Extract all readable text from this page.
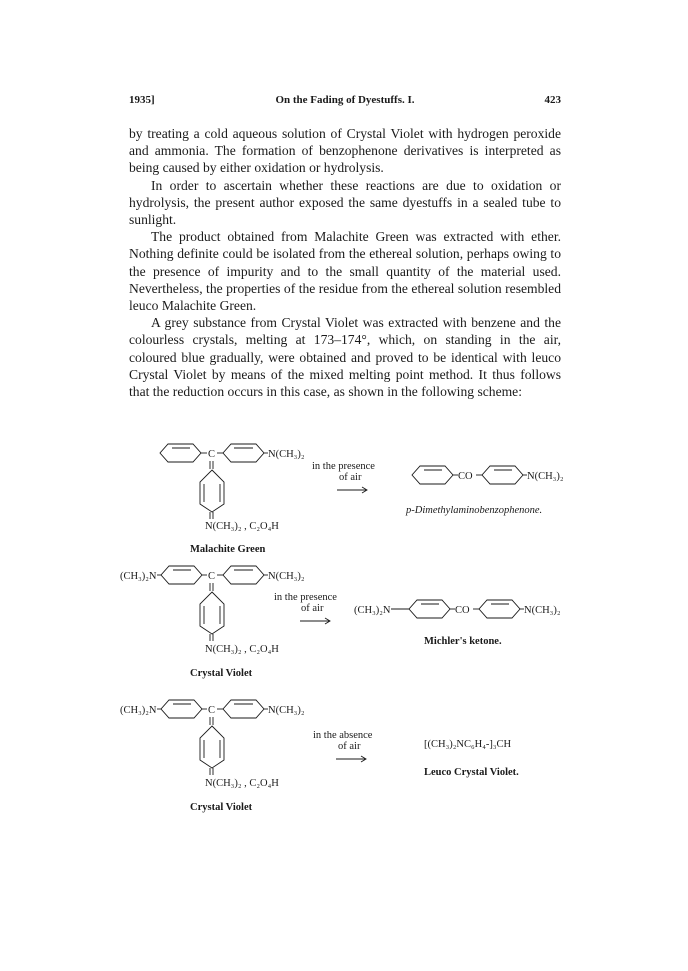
1935]	On the Fading of Dyestuffs. I.	423

by treating a cold aqueous solution of Crystal Violet with hydrogen peroxide and ammonia. The formation of benzophenone derivatives is interpreted as being caused by either oxidation or hydrolysis.

In order to ascertain whether these reactions are due to oxidation or hydrolysis, the present author exposed the same dyestuffs in a sealed tube to sunlight.

The product obtained from Malachite Green was extracted with ether. Nothing definite could be isolated from the ethereal solution, perhaps owing to the presence of impurity and to the small quantity of the material used. Nevertheless, the properties of the residue from the ethereal solution resembled leuco Malachite Green.

A grey substance from Crystal Violet was extracted with benzene and the colourless crystals, melting at 173–174°, which, on standing in the air, coloured blue gradually, were obtained and proved to be identical with leuco Crystal Violet by means of the mixed melting point method. It thus follows that the reduction occurs in this case, as shown in the following scheme:

C	N(CH₃)₂
N(CH₃)₂ , C₂O₄H
Malachite Green
in the presence
of air	CO	N(CH₃)₂
p-Dimethylaminobenzophenone.
(CH₃)₂N	C	N(CH₃)₂
N(CH₃)₂ , C₂O₄H
Crystal Violet
in the presence
of air	(CH₃)₂N	CO	N(CH₃)₂
Michler's ketone.
(CH₃)₂N	C	N(CH₃)₂
N(CH₃)₂ , C₂O₄H
Crystal Violet
in the absence
of air	[(CH₃)₂NC₆H₄-]₃CH
Leuco Crystal Violet.
